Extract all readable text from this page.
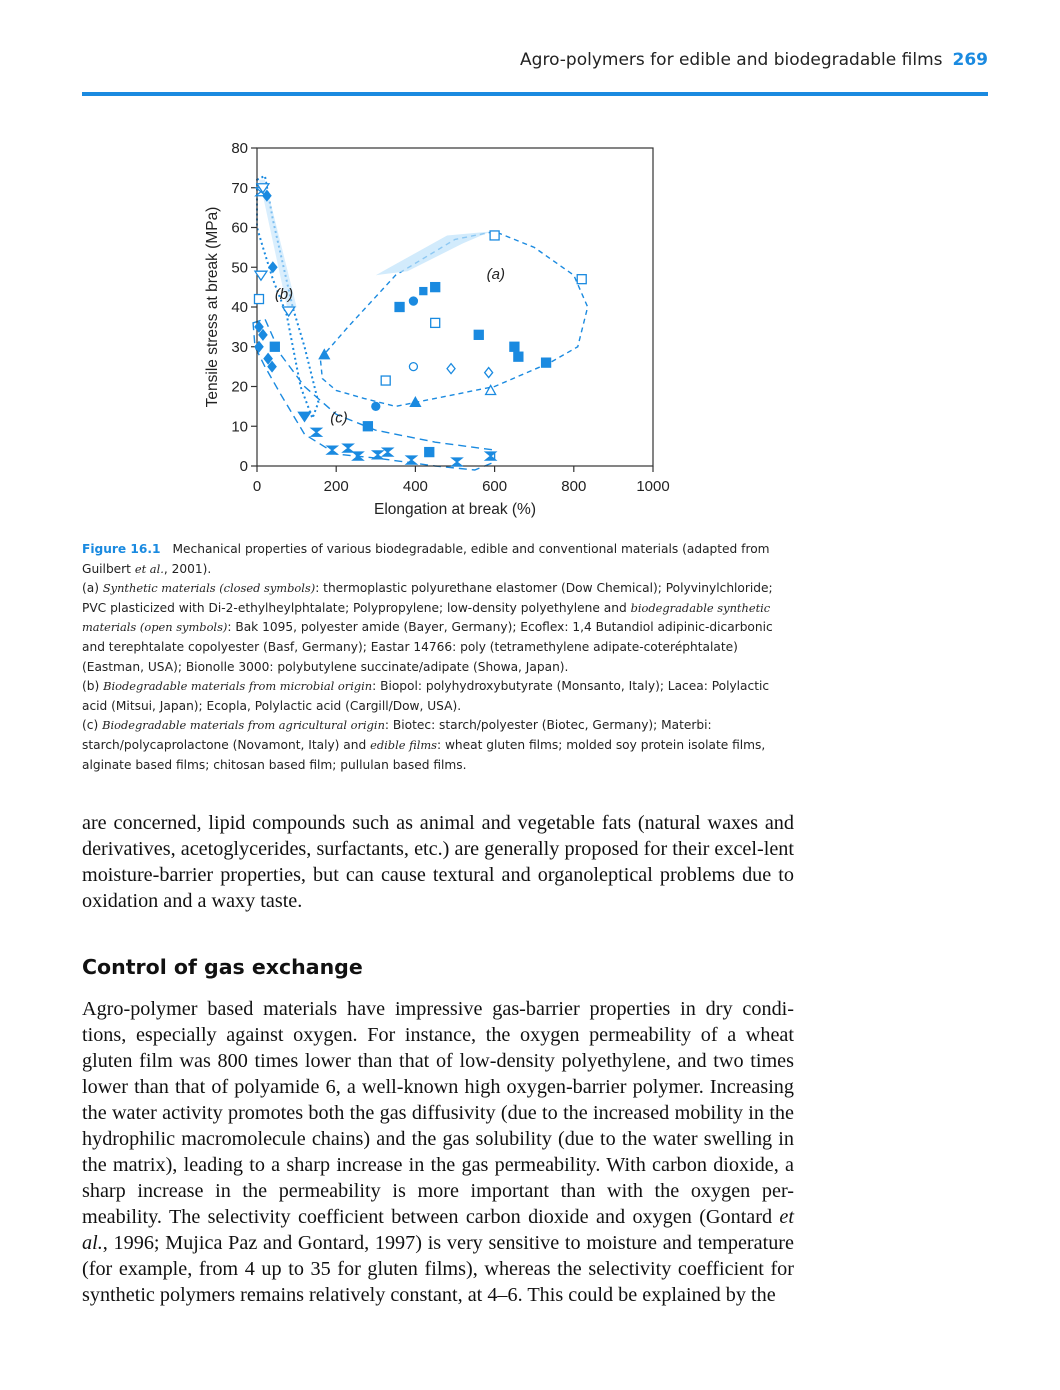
Agro-polymers for edible and biodegradable films 269
0	200	400	600	800	1000
0
10
20
30
40
50
60
70
80
(a)
(b)
(c)
Elongation at break (%)
Tensile stress at break (MPa)

Figure 16.1 Mechanical properties of various biodegradable, edible and conventional materials (adapted from Guilbert et al., 2001).

(a) Synthetic materials (closed symbols): thermoplastic polyurethane elastomer (Dow Chemical); Polyvinylchloride; PVC plasticized with Di-2-ethylheylphtalate; Polypropylene; low-density polyethylene and biodegradable synthetic materials (open symbols): Bak 1095, polyester amide (Bayer, Germany); Ecoflex: 1,4 Butandiol adipinic-dicarbonic and terephtalate copolyester (Basf, Germany); Eastar 14766: poly (tetramethylene adipate-coteréphtalate) (Eastman, USA); Bionolle 3000: polybutylene succinate/adipate (Showa, Japan).

(b) Biodegradable materials from microbial origin: Biopol: polyhydroxybutyrate (Monsanto, Italy); Lacea: Polylactic acid (Mitsui, Japan); Ecopla, Polylactic acid (Cargill/Dow, USA).

(c) Biodegradable materials from agricultural origin: Biotec: starch/polyester (Biotec, Germany); Materbi: starch/polycaprolactone (Novamont, Italy) and edible films: wheat gluten films; molded soy protein isolate films, alginate based films; chitosan based film; pullulan based films.

are concerned, lipid compounds such as animal and vegetable fats (natural waxes and derivatives, acetoglycerides, surfactants, etc.) are generally proposed for their excel-lent moisture-barrier properties, but can cause textural and organoleptical problems due to oxidation and a waxy taste.

Control of gas exchange

Agro-polymer based materials have impressive gas-barrier properties in dry condi-tions, especially against oxygen. For instance, the oxygen permeability of a wheat gluten film was 800 times lower than that of low-density polyethylene, and two times lower than that of polyamide 6, a well-known high oxygen-barrier polymer. Increasing the water activity promotes both the gas diffusivity (due to the increased mobility in the hydrophilic macromolecule chains) and the gas solubility (due to the water swelling in the matrix), leading to a sharp increase in the gas permeability. With carbon dioxide, a sharp increase in the permeability is more important than with the oxygen per-meability. The selectivity coefficient between carbon dioxide and oxygen (Gontard et al., 1996; Mujica Paz and Gontard, 1997) is very sensitive to moisture and temperature (for example, from 4 up to 35 for gluten films), whereas the selectivity coefficient for synthetic polymers remains relatively constant, at 4–6. This could be explained by the
